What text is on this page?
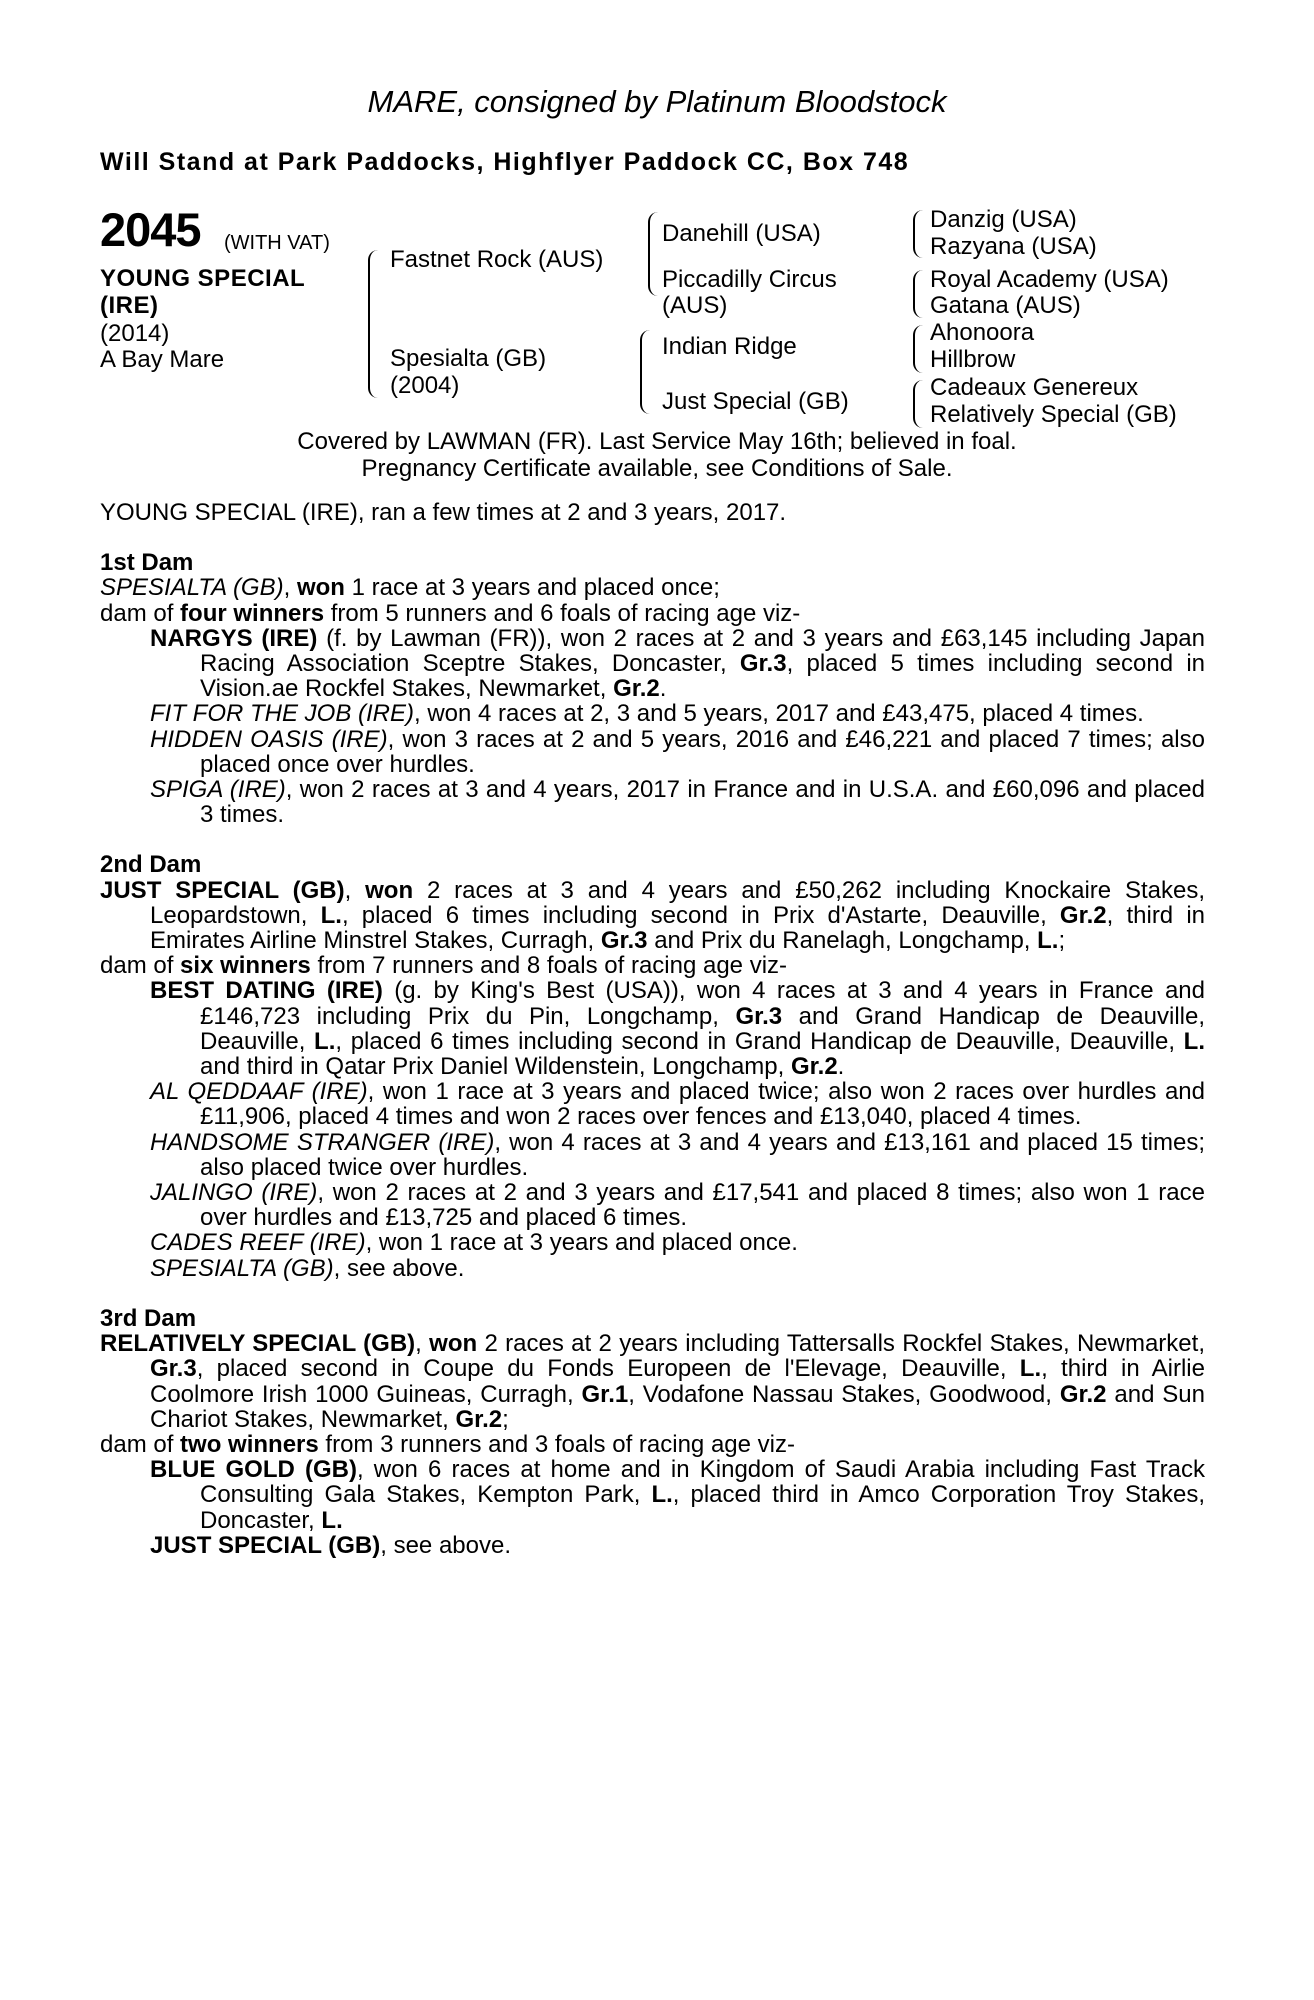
MARE, consigned by Platinum Bloodstock
Will Stand at Park Paddocks, Highflyer Paddock CC, Box 748
2045 (WITH VAT)
YOUNG SPECIAL
(IRE)
(2014)
A Bay Mare
Fastnet Rock (AUS)
Spesialta (GB)
(2004)
Danehill (USA)
Piccadilly Circus
(AUS)
Indian Ridge
Just Special (GB)
Danzig (USA)
Razyana (USA)
Royal Academy (USA)
Gatana (AUS)
Ahonoora
Hillbrow
Cadeaux Genereux
Relatively Special (GB)
Covered by LAWMAN (FR). Last Service May 16th; believed in foal.
Pregnancy Certificate available, see Conditions of Sale.

YOUNG SPECIAL (IRE), ran a few times at 2 and 3 years, 2017.

1st Dam

SPESIALTA (GB), won 1 race at 3 years and placed once;

dam of four winners from 5 runners and 6 foals of racing age viz-

NARGYS (IRE) (f. by Lawman (FR)), won 2 races at 2 and 3 years and £63,145 including Japan Racing Association Sceptre Stakes, Doncaster, Gr.3, placed 5 times including second in Vision.ae Rockfel Stakes, Newmarket, Gr.2.

FIT FOR THE JOB (IRE), won 4 races at 2, 3 and 5 years, 2017 and £43,475, placed 4 times.

HIDDEN OASIS (IRE), won 3 races at 2 and 5 years, 2016 and £46,221 and placed 7 times; also placed once over hurdles.

SPIGA (IRE), won 2 races at 3 and 4 years, 2017 in France and in U.S.A. and £60,096 and placed 3 times.

2nd Dam

JUST SPECIAL (GB), won 2 races at 3 and 4 years and £50,262 including Knockaire Stakes, Leopardstown, L., placed 6 times including second in Prix d'Astarte, Deauville, Gr.2, third in Emirates Airline Minstrel Stakes, Curragh, Gr.3 and Prix du Ranelagh, Longchamp, L.;

dam of six winners from 7 runners and 8 foals of racing age viz-

BEST DATING (IRE) (g. by King's Best (USA)), won 4 races at 3 and 4 years in France and £146,723 including Prix du Pin, Longchamp, Gr.3 and Grand Handicap de Deauville, Deauville, L., placed 6 times including second in Grand Handicap de Deauville, Deauville, L. and third in Qatar Prix Daniel Wildenstein, Longchamp, Gr.2.

AL QEDDAAF (IRE), won 1 race at 3 years and placed twice; also won 2 races over hurdles and £11,906, placed 4 times and won 2 races over fences and £13,040, placed 4 times.

HANDSOME STRANGER (IRE), won 4 races at 3 and 4 years and £13,161 and placed 15 times; also placed twice over hurdles.

JALINGO (IRE), won 2 races at 2 and 3 years and £17,541 and placed 8 times; also won 1 race over hurdles and £13,725 and placed 6 times.

CADES REEF (IRE), won 1 race at 3 years and placed once.

SPESIALTA (GB), see above.

3rd Dam

RELATIVELY SPECIAL (GB), won 2 races at 2 years including Tattersalls Rockfel Stakes, Newmarket, Gr.3, placed second in Coupe du Fonds Europeen de l'Elevage, Deauville, L., third in Airlie Coolmore Irish 1000 Guineas, Curragh, Gr.1, Vodafone Nassau Stakes, Goodwood, Gr.2 and Sun Chariot Stakes, Newmarket, Gr.2;

dam of two winners from 3 runners and 3 foals of racing age viz-

BLUE GOLD (GB), won 6 races at home and in Kingdom of Saudi Arabia including Fast Track Consulting Gala Stakes, Kempton Park, L., placed third in Amco Corporation Troy Stakes, Doncaster, L.

JUST SPECIAL (GB), see above.
